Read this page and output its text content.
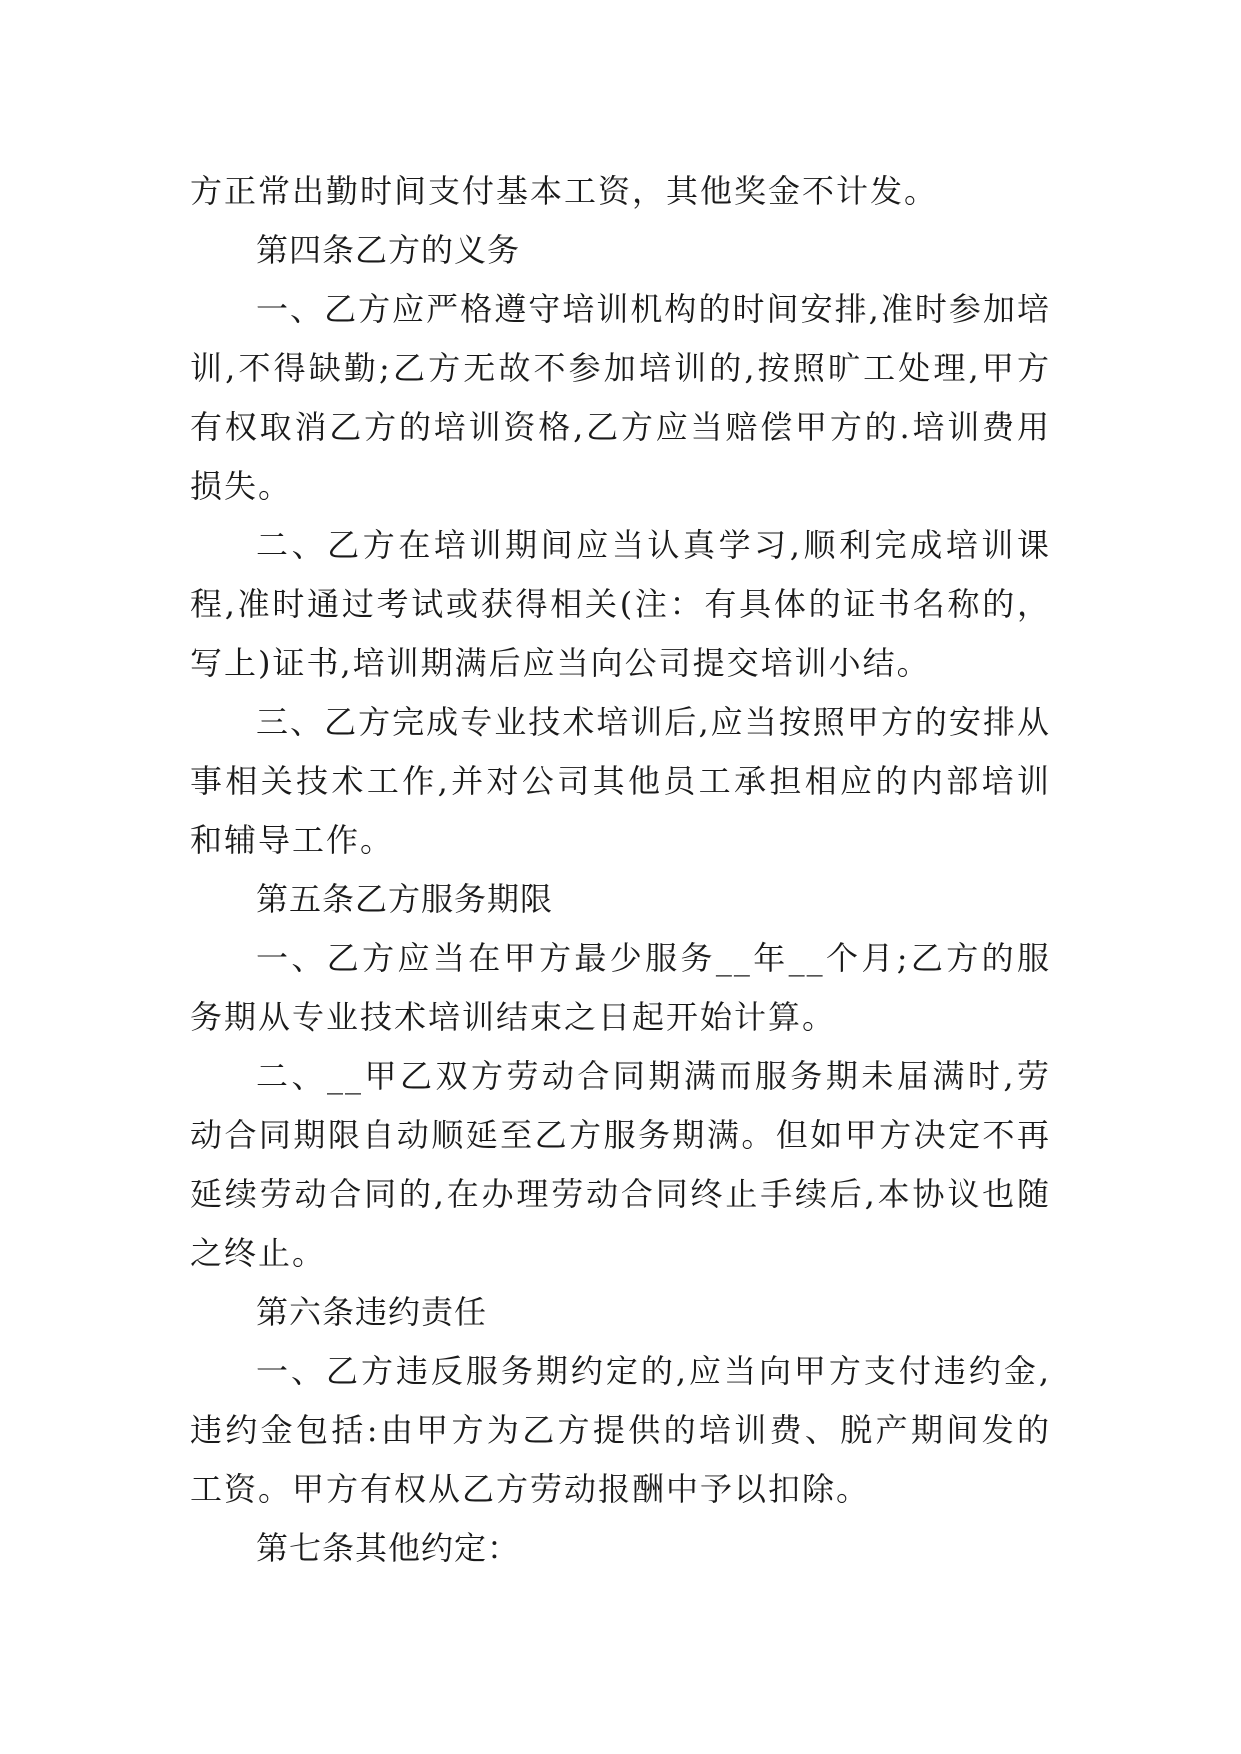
方正常出勤时间支付基本工资，其他奖金不计发。

第四条乙方的义务

一、乙方应严格遵守培训机构的时间安排,准时参加培训,不得缺勤;乙方无故不参加培训的,按照旷工处理,甲方有权取消乙方的培训资格,乙方应当赔偿甲方的.培训费用损失。

二、乙方在培训期间应当认真学习,顺利完成培训课程,准时通过考试或获得相关(注：有具体的证书名称的，写上)证书,培训期满后应当向公司提交培训小结。

三、乙方完成专业技术培训后,应当按照甲方的安排从事相关技术工作,并对公司其他员工承担相应的内部培训和辅导工作。

第五条乙方服务期限

一、乙方应当在甲方最少服务__年__个月;乙方的服务期从专业技术培训结束之日起开始计算。

二、__甲乙双方劳动合同期满而服务期未届满时,劳动合同期限自动顺延至乙方服务期满。但如甲方决定不再延续劳动合同的,在办理劳动合同终止手续后,本协议也随之终止。

第六条违约责任

一、乙方违反服务期约定的,应当向甲方支付违约金,违约金包括:由甲方为乙方提供的培训费、脱产期间发的工资。甲方有权从乙方劳动报酬中予以扣除。

第七条其他约定：
